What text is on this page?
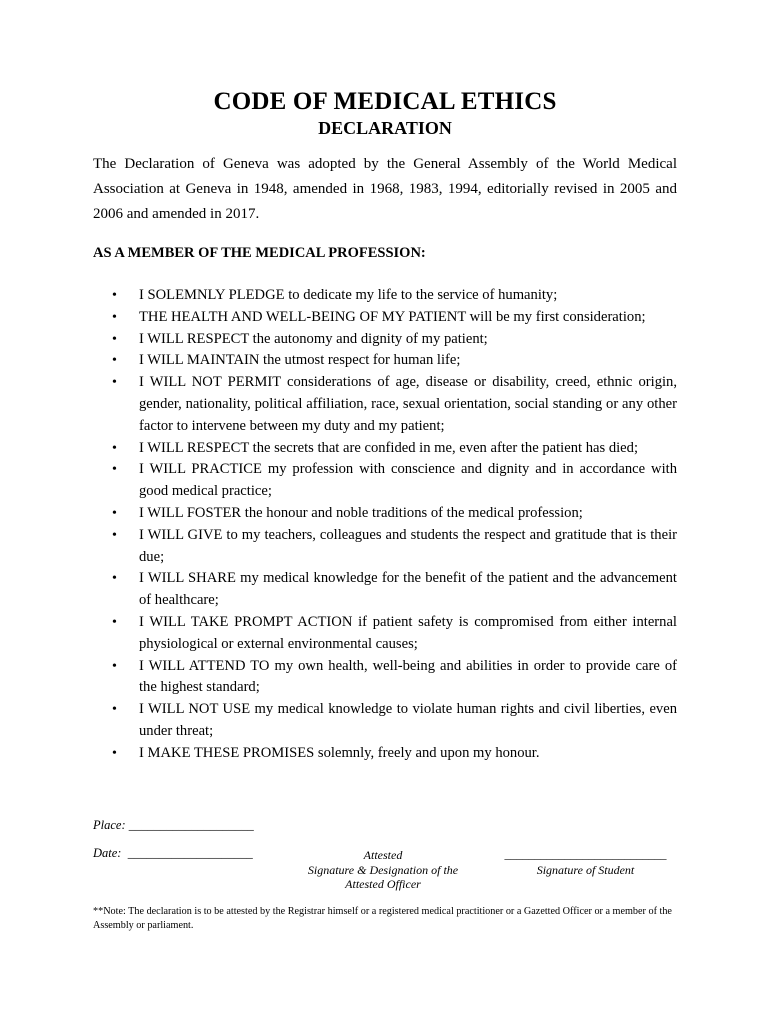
CODE OF MEDICAL ETHICS
DECLARATION
The Declaration of Geneva was adopted by the General Assembly of the World Medical Association at Geneva in 1948, amended in 1968, 1983, 1994, editorially revised in 2005 and 2006 and amended in 2017.
AS A MEMBER OF THE MEDICAL PROFESSION:
• I SOLEMNLY PLEDGE to dedicate my life to the service of humanity;
• THE HEALTH AND WELL-BEING OF MY PATIENT will be my first consideration;
• I WILL RESPECT the autonomy and dignity of my patient;
• I WILL MAINTAIN the utmost respect for human life;
• I WILL NOT PERMIT considerations of age, disease or disability, creed, ethnic origin, gender, nationality, political affiliation, race, sexual orientation, social standing or any other factor to intervene between my duty and my patient;
• I WILL RESPECT the secrets that are confided in me, even after the patient has died;
• I WILL PRACTICE my profession with conscience and dignity and in accordance with good medical practice;
• I WILL FOSTER the honour and noble traditions of the medical profession;
• I WILL GIVE to my teachers, colleagues and students the respect and gratitude that is their due;
• I WILL SHARE my medical knowledge for the benefit of the patient and the advancement of healthcare;
• I WILL TAKE PROMPT ACTION if patient safety is compromised from either internal physiological or external environmental causes;
• I WILL ATTEND TO my own health, well-being and abilities in order to provide care of the highest standard;
• I WILL NOT USE my medical knowledge to violate human rights and civil liberties, even under threat;
• I MAKE THESE PROMISES solemnly, freely and upon my honour.
Place: ____________________
Date: ____________________	Attested
Signature & Designation of the
Attested Officer
___________________________
Signature of Student
**Note: The declaration is to be attested by the Registrar himself or a registered medical practitioner or a Gazetted Officer or a member of the Assembly or parliament.
